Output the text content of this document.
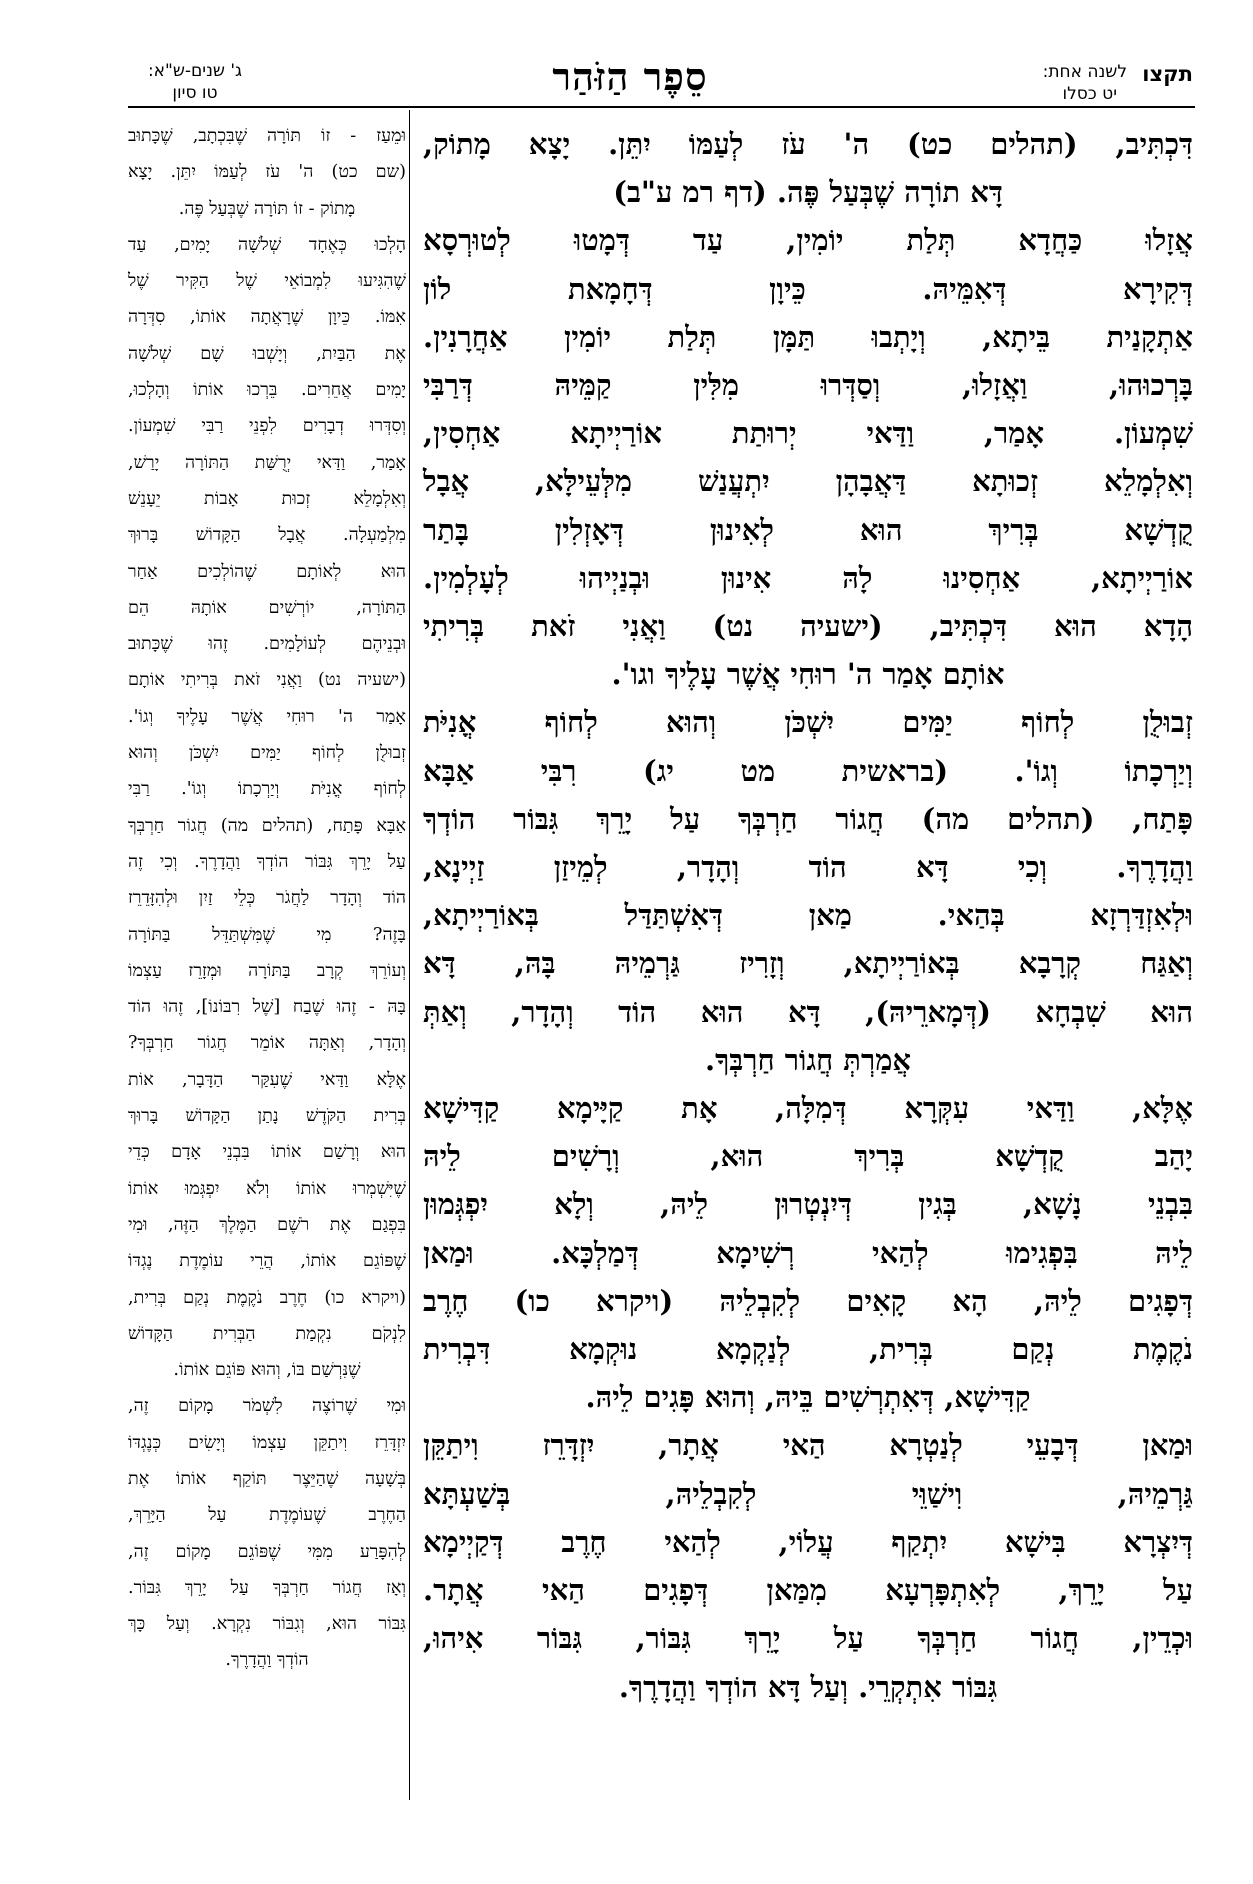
תקצו
לשנה אחת:
יט כסלו
סֵפֶר הַזֹּהַר
ג' שנים-ש"א:
טו סיון

דִּכְתִּיב, (תהלים כט) ה' עֹז לְעַמּוֹ יִתֵּן. יָצָא מָתוֹק,

דָּא תוֹרָה שֶׁבְּעַל פֶּה. (דף רמ ע"ב)

אֲזָלוּ כַּחֲדָא תְּלַת יוֹמִין, עַד דְּמָטוּ לְטוּרְסָא

דְּקִירָא דְּאִמֵּיהּ. כֵּיוָן דְּחָמָאת לוֹן

אַתְקָנַית בֵּיתָא, וְיָתְבוּ תַּמָּן תְּלַת יוֹמִין אַחֲרָנִין.

בָּרְכוּהוּ, וַאֲזָלוּ, וְסַדְּרוּ מִלִּין קַמֵּיהּ דְּרַבִּי

שִׁמְעוֹן. אָמַר, וַדַּאי יְרוּתַת אוֹרַיְיתָא אַחְסִין,

וְאִלְמָלֵא זְכוּתָא דַּאֲבָהָן יִתְעֲנַשׁ מִלְּעֵילָּא, אֲבָל

קֻדְשָׁא בְּרִיךְ הוּא לְאִינוּן דְּאָזְלִין בָּתַר

אוֹרַיְיתָא, אַחְסִינוּ לָהּ אִינוּן וּבְנַיְיהוּ לְעָלְמִין.

הָדָא הוּא דִּכְתִּיב, (ישעיה נט) וַאֲנִי זֹאת בְּרִיתִי

אוֹתָם אָמַר ה' רוּחִי אֲשֶׁר עָלֶיךָ וגו'.

זְבוּלֻן לְחוֹף יַמִּים יִשְׁכֹּן וְהוּא לְחוֹף אֳנִיֹּת

וְיַרְכָתוֹ וְגוֹ'. (בראשית מט יג) רִבִּי אַבָּא

פָּתַח, (תהלים מה) חֲגוֹר חַרְבְּךָ עַל יָרֵךְ גִּבּוֹר הוֹדְךָ

וַהֲדָרֶךָ. וְכִי דָּא הוֹד וְהָדָר, לְמֵיזַן זַיְינָא,

וּלְאִזְדַּרְזָא בְּהַאי. מַאן דְּאִשְׁתַּדַּל בְּאוֹרַיְיתָא,

וְאַגַּח קְרָבָא בְּאוֹרַיְיתָא, וְזָרִיז גַּרְמֵיהּ בָּהּ, דָּא

הוּא שִׁבְחָא (דְּמָארֵיהּ), דָּא הוּא הוֹד וְהָדָר, וְאַתְּ

אֲמַרְתְּ חֲגוֹר חַרְבְּךָ.

אֶלָּא, וַדַּאי עִקְּרָא דְּמִלָּה, אָת קַיָּימָא קַדִּישָׁא

יָהַב קֻדְשָׁא בְּרִיךְ הוּא, וְרָשִׁים לֵיהּ

בִּבְנֵי נָשָׁא, בְּגִין דְּיִנְטְרוּן לֵיהּ, וְלָא יִפְגְּמוּן

לֵיהּ בִּפְגִימוּ לְהַאי רְשִׁימָא דְּמַלְכָּא. וּמַאן

דְּפָגִים לֵיהּ, הָא קָאִים לְקִבְלֵיהּ (ויקרא כו) חֶרֶב

נֹקֶמֶת נְקַם בְּרִית, לְנַקְמָא נוּקְמָא דִּבְרִית

קַדִּישָׁא, דְּאִתְרְשִׁים בֵּיהּ, וְהוּא פָּגִים לֵיהּ.

וּמַאן דְּבָעֵי לְנַטְרָא הַאי אֲתָר, יִזְדָּרֵז וִיתַקֵּן

גַּרְמֵיהּ, וִישַׁוֵּי לְקִבְלֵיהּ, בְּשַׁעְתָּא

דְּיִצְרָא בִּישָׁא יִתְקַף עֲלוֹי, לְהַאי חֶרֶב דְּקַיְימָא

עַל יָרֵךְ, לְאִתְפָּרְעָא מִמַּאן דְּפָגִים הַאי אֲתָר.

וּכְדֵין, חֲגוֹר חַרְבְּךָ עַל יָרֵךְ גִּבּוֹר, גִּבּוֹר אִיהוּ,

גִּבּוֹר אִתְקְרֵי. וְעַל דָּא הוֹדְךָ וַהֲדָרֶךָ.

וּמֵעַז - זוֹ תּוֹרָה שֶׁבִּכְתָב, שֶׁכָּתוּב

(שם כט) ה' עֹז לְעַמּוֹ יִתֵּן. יָצָא

מָתוֹק - זוֹ תּוֹרָה שֶׁבְּעַל פֶּה.

הָלְכוּ כְּאֶחָד שְׁלֹשָׁה יָמִים, עַד

שֶׁהִגִּיעוּ לִמְבוֹאֵי שֶׁל הַקִּיר שֶׁל

אִמּוֹ. כֵּיוָן שֶׁרָאֲתָה אוֹתוֹ, סִדְּרָה

אֶת הַבַּיִת, וְיָשְׁבוּ שָׁם שְׁלֹשָׁה

יָמִים אֲחֵרִים. בֵּרְכוּ אוֹתוֹ וְהָלְכוּ,

וְסִדְּרוּ דְבָרִים לִפְנֵי רַבִּי שִׁמְעוֹן.

אָמַר, וַדַּאי יְרֻשַּׁת הַתּוֹרָה יָרַשׁ,

וְאִלְמָלֵא זְכוּת אָבוֹת יֵעָנֵשׁ

מִלְמַעְלָה. אֲבָל הַקָּדוֹשׁ בָּרוּךְ

הוּא לְאוֹתָם שֶׁהוֹלְכִים אַחַר

הַתּוֹרָה, יוֹרְשִׁים אוֹתָהּ הֵם

וּבְנֵיהֶם לְעוֹלָמִים. זֶהוּ שֶׁכָּתוּב

(ישעיה נט) וַאֲנִי זֹאת בְּרִיתִי אוֹתָם

אָמַר ה' רוּחִי אֲשֶׁר עָלֶיךָ וְגוֹ'.

זְבוּלֻן לְחוֹף יַמִּים יִשְׁכֹּן וְהוּא

לְחוֹף אֳנִיֹּת וְיַרְכָתוֹ וְגוֹ'. רַבִּי

אַבָּא פָּתַח, (תהלים מה) חֲגוֹר חַרְבְּךָ

עַל יָרֵךְ גִּבּוֹר הוֹדְךָ וַהֲדָרֶךָ. וְכִי זֶה

הוֹד וְהָדָר לַחֲגֹר כְּלֵי זַיִן וּלְהִזָּדֵרֵז

בָּזֶה? מִי שֶׁמִּשְׁתַּדֵּל בַּתּוֹרָה

וְעוֹרֵךְ קְרָב בַּתּוֹרָה וּמְזָרֵז עַצְמוֹ

בָּהּ - זֶהוּ שֶׁבַח [שֶׁל רִבּוֹנוֹ], זֶהוּ הוֹד

וְהָדָר, וְאַתָּה אוֹמֵר חֲגוֹר חַרְבְּךָ?

אֶלָּא וַדַּאי שֶׁעִקַּר הַדָּבָר, אוֹת

בְּרִית הַקֹּדֶשׁ נָתַן הַקָּדוֹשׁ בָּרוּךְ

הוּא וְרָשַׁם אוֹתוֹ בִּבְנֵי אָדָם כְּדֵי

שֶׁיִּשְׁמְרוּ אוֹתוֹ וְלֹא יִפְגְּמוּ אוֹתוֹ

בִּפְגַם אֶת רֹשֶׁם הַמֶּלֶךְ הַזֶּה, וּמִי

שֶׁפּוֹגֵם אוֹתוֹ, הֲרֵי עוֹמֶדֶת נֶגְדּוֹ

(ויקרא כו) חֶרֶב נֹקֶמֶת נְקַם בְּרִית,

לִנְקֹם נִקְמַת הַבְּרִית הַקָּדוֹשׁ

שֶׁנִּרְשַׁם בּוֹ, וְהוּא פּוֹגֵם אוֹתוֹ.

וּמִי שֶׁרוֹצֶה לִשְׁמֹר מָקוֹם זֶה,

יִזְדָּרֵז וִיתַקֵּן עַצְמוֹ וְיָשִׂים כְּנֶגְדּוֹ

בְּשָׁעָה שֶׁהַיֵּצֶר תּוֹקֵף אוֹתוֹ אֶת

הַחֶרֶב שֶׁעוֹמֶדֶת עַל הַיָּרֵךְ,

לְהִפָּרַע מִמִּי שֶׁפּוֹגֵם מָקוֹם זֶה,

וְאָז חֲגוֹר חַרְבְּךָ עַל יָרֵךְ גִּבּוֹר.

גִּבּוֹר הוּא, וְגִבּוֹר נִקְרָא. וְעַל כָּךְ

הוֹדְךָ וַהֲדָרֶךָ.
